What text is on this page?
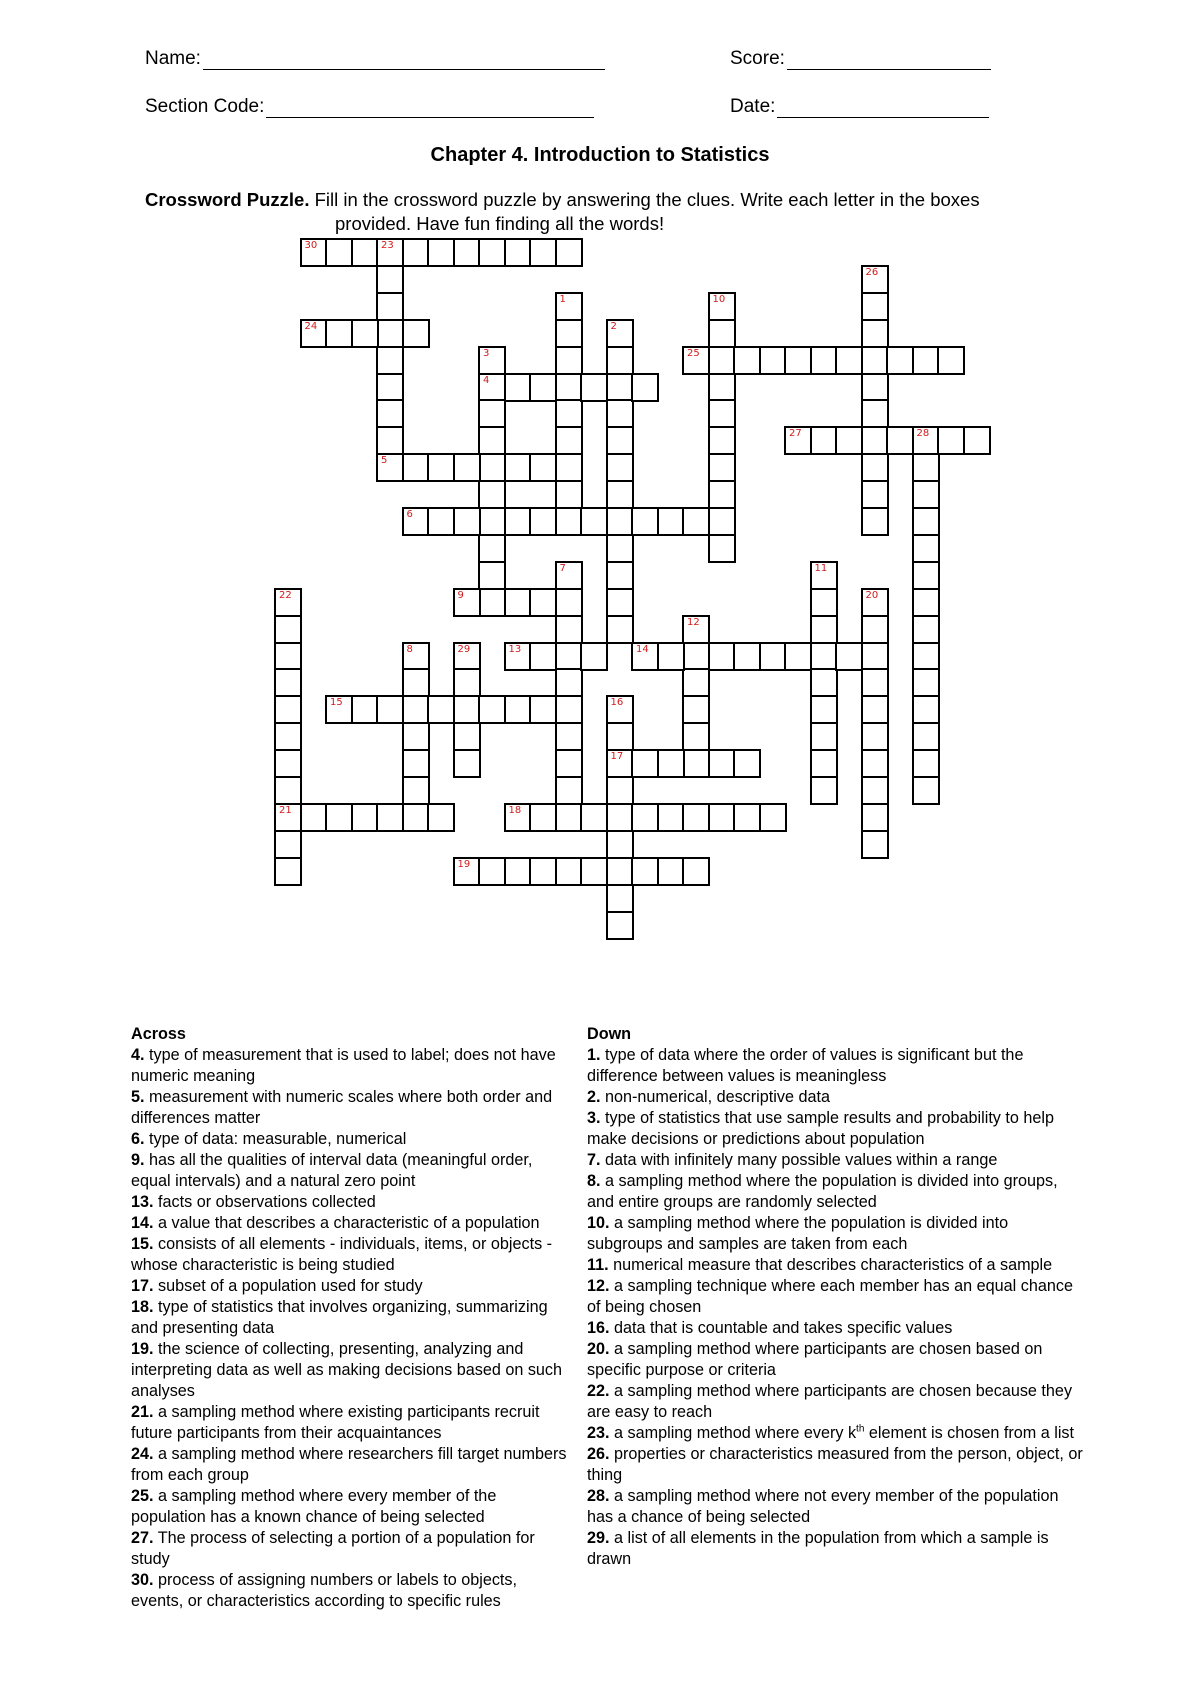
Name:	Score:
Section Code:	Date:
Chapter 4. Introduction to Statistics
Crossword Puzzle. Fill in the crossword puzzle by answering the clues. Write each letter in the boxes
provided. Have fun finding all the words!
30	23
26
1	10
24	2
3
4
25
27	28
5
6
7	11
22
21
9	20
12
8	29	13	14
15	16
17
18
19
Across
4. type of measurement that is used to label; does not have numeric meaning
5. measurement with numeric scales where both order and differences matter
6. type of data: measurable, numerical
9. has all the qualities of interval data (meaningful order, equal intervals) and a natural zero point
13. facts or observations collected
14. a value that describes a characteristic of a population
15. consists of all elements - individuals, items, or objects - whose characteristic is being studied
17. subset of a population used for study
18. type of statistics that involves organizing, summarizing and presenting data
19. the science of collecting, presenting, analyzing and interpreting data as well as making decisions based on such analyses
21. a sampling method where existing participants recruit future participants from their acquaintances
24. a sampling method where researchers fill target numbers from each group
25. a sampling method where every member of the population has a known chance of being selected
27. The process of selecting a portion of a population for study
30. process of assigning numbers or labels to objects, events, or characteristics according to specific rules
Down
1. type of data where the order of values is significant but the difference between values is meaningless
2. non-numerical, descriptive data
3. type of statistics that use sample results and probability to help make decisions or predictions about population
7. data with infinitely many possible values within a range
8. a sampling method where the population is divided into groups, and entire groups are randomly selected
10. a sampling method where the population is divided into subgroups and samples are taken from each
11. numerical measure that describes characteristics of a sample
12. a sampling technique where each member has an equal chance of being chosen
16. data that is countable and takes specific values
20. a sampling method where participants are chosen based on specific purpose or criteria
22. a sampling method where participants are chosen because they are easy to reach
23. a sampling method where every $k^{th}$ element is chosen from a list
26. properties or characteristics measured from the person, object, or thing
28. a sampling method where not every member of the population has a chance of being selected
29. a list of all elements in the population from which a sample is drawn
